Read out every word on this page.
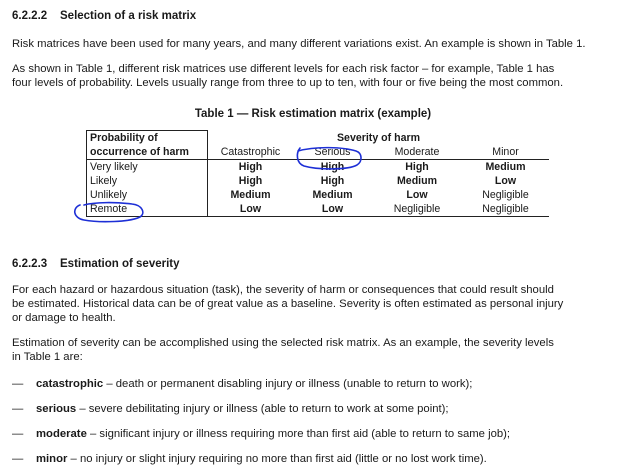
6.2.2.2 Selection of a risk matrix
Risk matrices have been used for many years, and many different variations exist. An example is shown in Table 1.
As shown in Table 1, different risk matrices use different levels for each risk factor – for example, Table 1 has
four levels of probability. Levels usually range from three to up to ten, with four or five being the most common.
Table 1 — Risk estimation matrix (example)
Probability of	Severity of harm			
occurrence of harm	Catastrophic	Serious	Moderate	Minor
Very likely	High	High	High	Medium
Likely	High	High	Medium	Low
Unlikely	Medium	Medium	Low	Negligible
Remote	Low	Low	Negligible	Negligible
6.2.2.3 Estimation of severity
For each hazard or hazardous situation (task), the severity of harm or consequences that could result should
be estimated. Historical data can be of great value as a baseline. Severity is often estimated as personal injury
or damage to health.
Estimation of severity can be accomplished using the selected risk matrix. As an example, the severity levels
in Table 1 are:
— catastrophic – death or permanent disabling injury or illness (unable to return to work);
— serious – severe debilitating injury or illness (able to return to work at some point);
— moderate – significant injury or illness requiring more than first aid (able to return to same job);
— minor – no injury or slight injury requiring no more than first aid (little or no lost work time).
